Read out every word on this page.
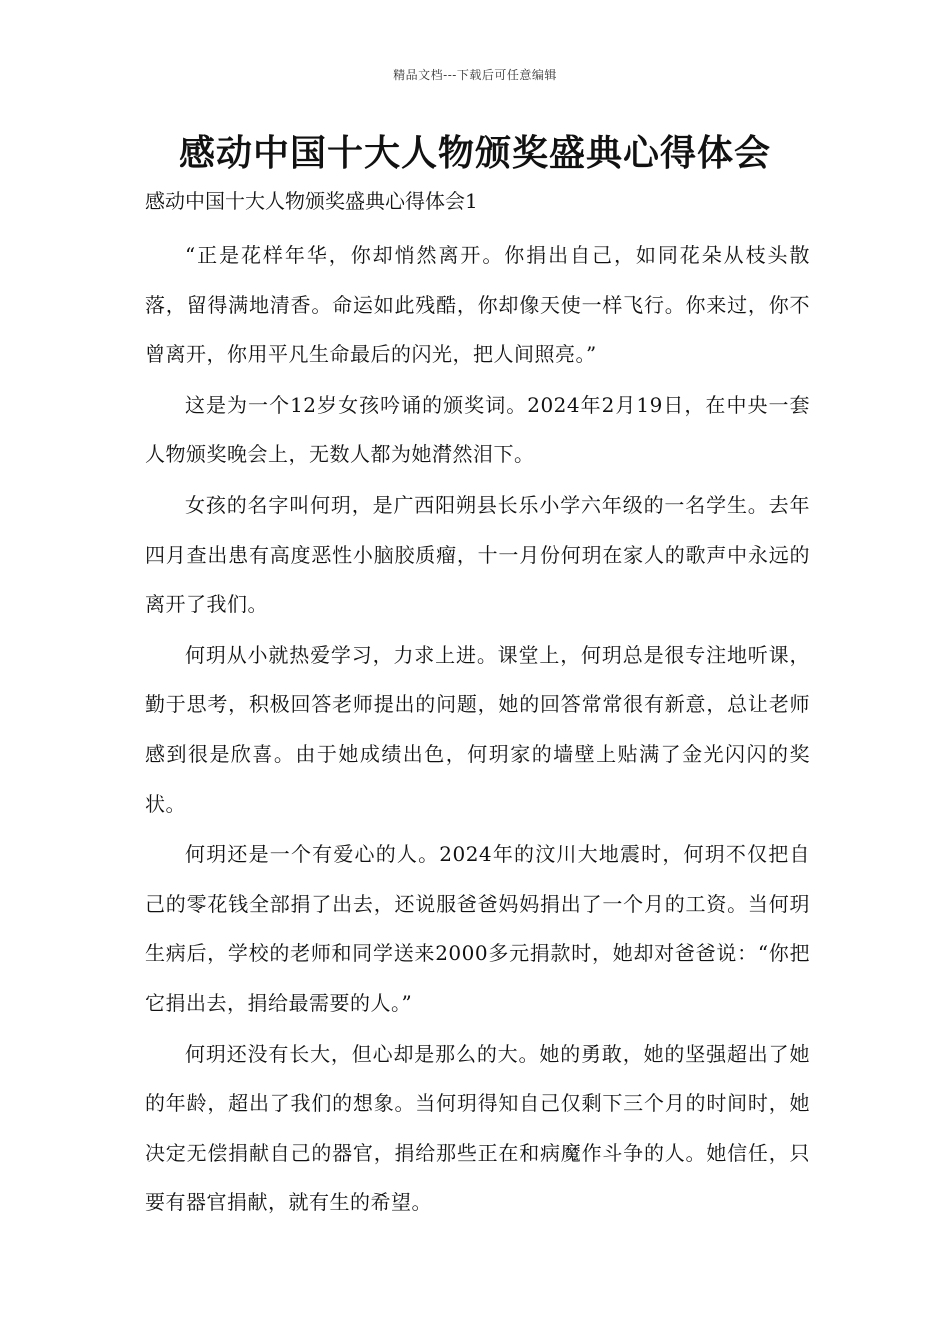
精品文档---下载后可任意编辑
感动中国十大人物颁奖盛典心得体会

感动中国十大人物颁奖盛典心得体会1

“正是花样年华，你却悄然离开。你捐出自己，如同花朵从枝头散落，留得满地清香。命运如此残酷，你却像天使一样飞行。你来过，你不曾离开，你用平凡生命最后的闪光，把人间照亮。”

这是为一个12岁女孩吟诵的颁奖词。2024年2月19日，在中央一套人物颁奖晚会上，无数人都为她潸然泪下。

女孩的名字叫何玥，是广西阳朔县长乐小学六年级的一名学生。去年四月查出患有高度恶性小脑胶质瘤，十一月份何玥在家人的歌声中永远的离开了我们。

何玥从小就热爱学习，力求上进。课堂上，何玥总是很专注地听课，勤于思考，积极回答老师提出的问题，她的回答常常很有新意，总让老师感到很是欣喜。由于她成绩出色，何玥家的墙壁上贴满了金光闪闪的奖状。

何玥还是一个有爱心的人。2024年的汶川大地震时，何玥不仅把自己的零花钱全部捐了出去，还说服爸爸妈妈捐出了一个月的工资。当何玥生病后，学校的老师和同学送来2000多元捐款时，她却对爸爸说：“你把它捐出去，捐给最需要的人。”

何玥还没有长大，但心却是那么的大。她的勇敢，她的坚强超出了她的年龄，超出了我们的想象。当何玥得知自己仅剩下三个月的时间时，她决定无偿捐献自己的器官，捐给那些正在和病魔作斗争的人。她信任，只要有器官捐献，就有生的希望。
